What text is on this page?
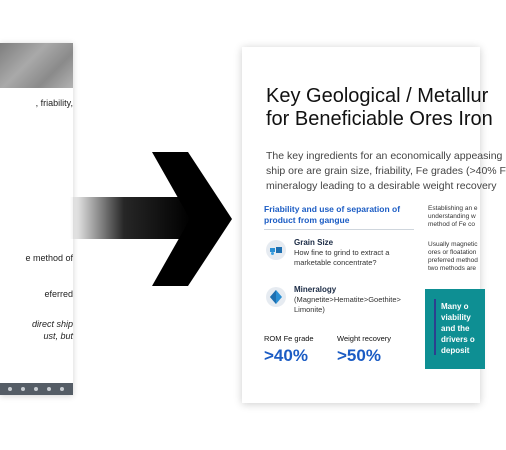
, friability,
e method of
eferred
direct ship
ust, but
Key Geological / Metallur
for Beneficiable Ores Iron
The key ingredients for an economically appeasing
ship ore are grain size, friability, Fe grades (>40% F
mineralogy leading to a desirable weight recovery
Friability and use of separation of product from gangue
Grain Size
How fine to grind to extract a marketable concentrate?
Mineralogy
(Magnetite>Hematite>Goethite> Limonite)
ROM Fe grade
>40%
Weight recovery
>50%
Establishing an e
understanding w
method of Fe co
Usually magnetic
ores or floatation
preferred method
two methods are
Many o
viability
and the
drivers o
deposit
